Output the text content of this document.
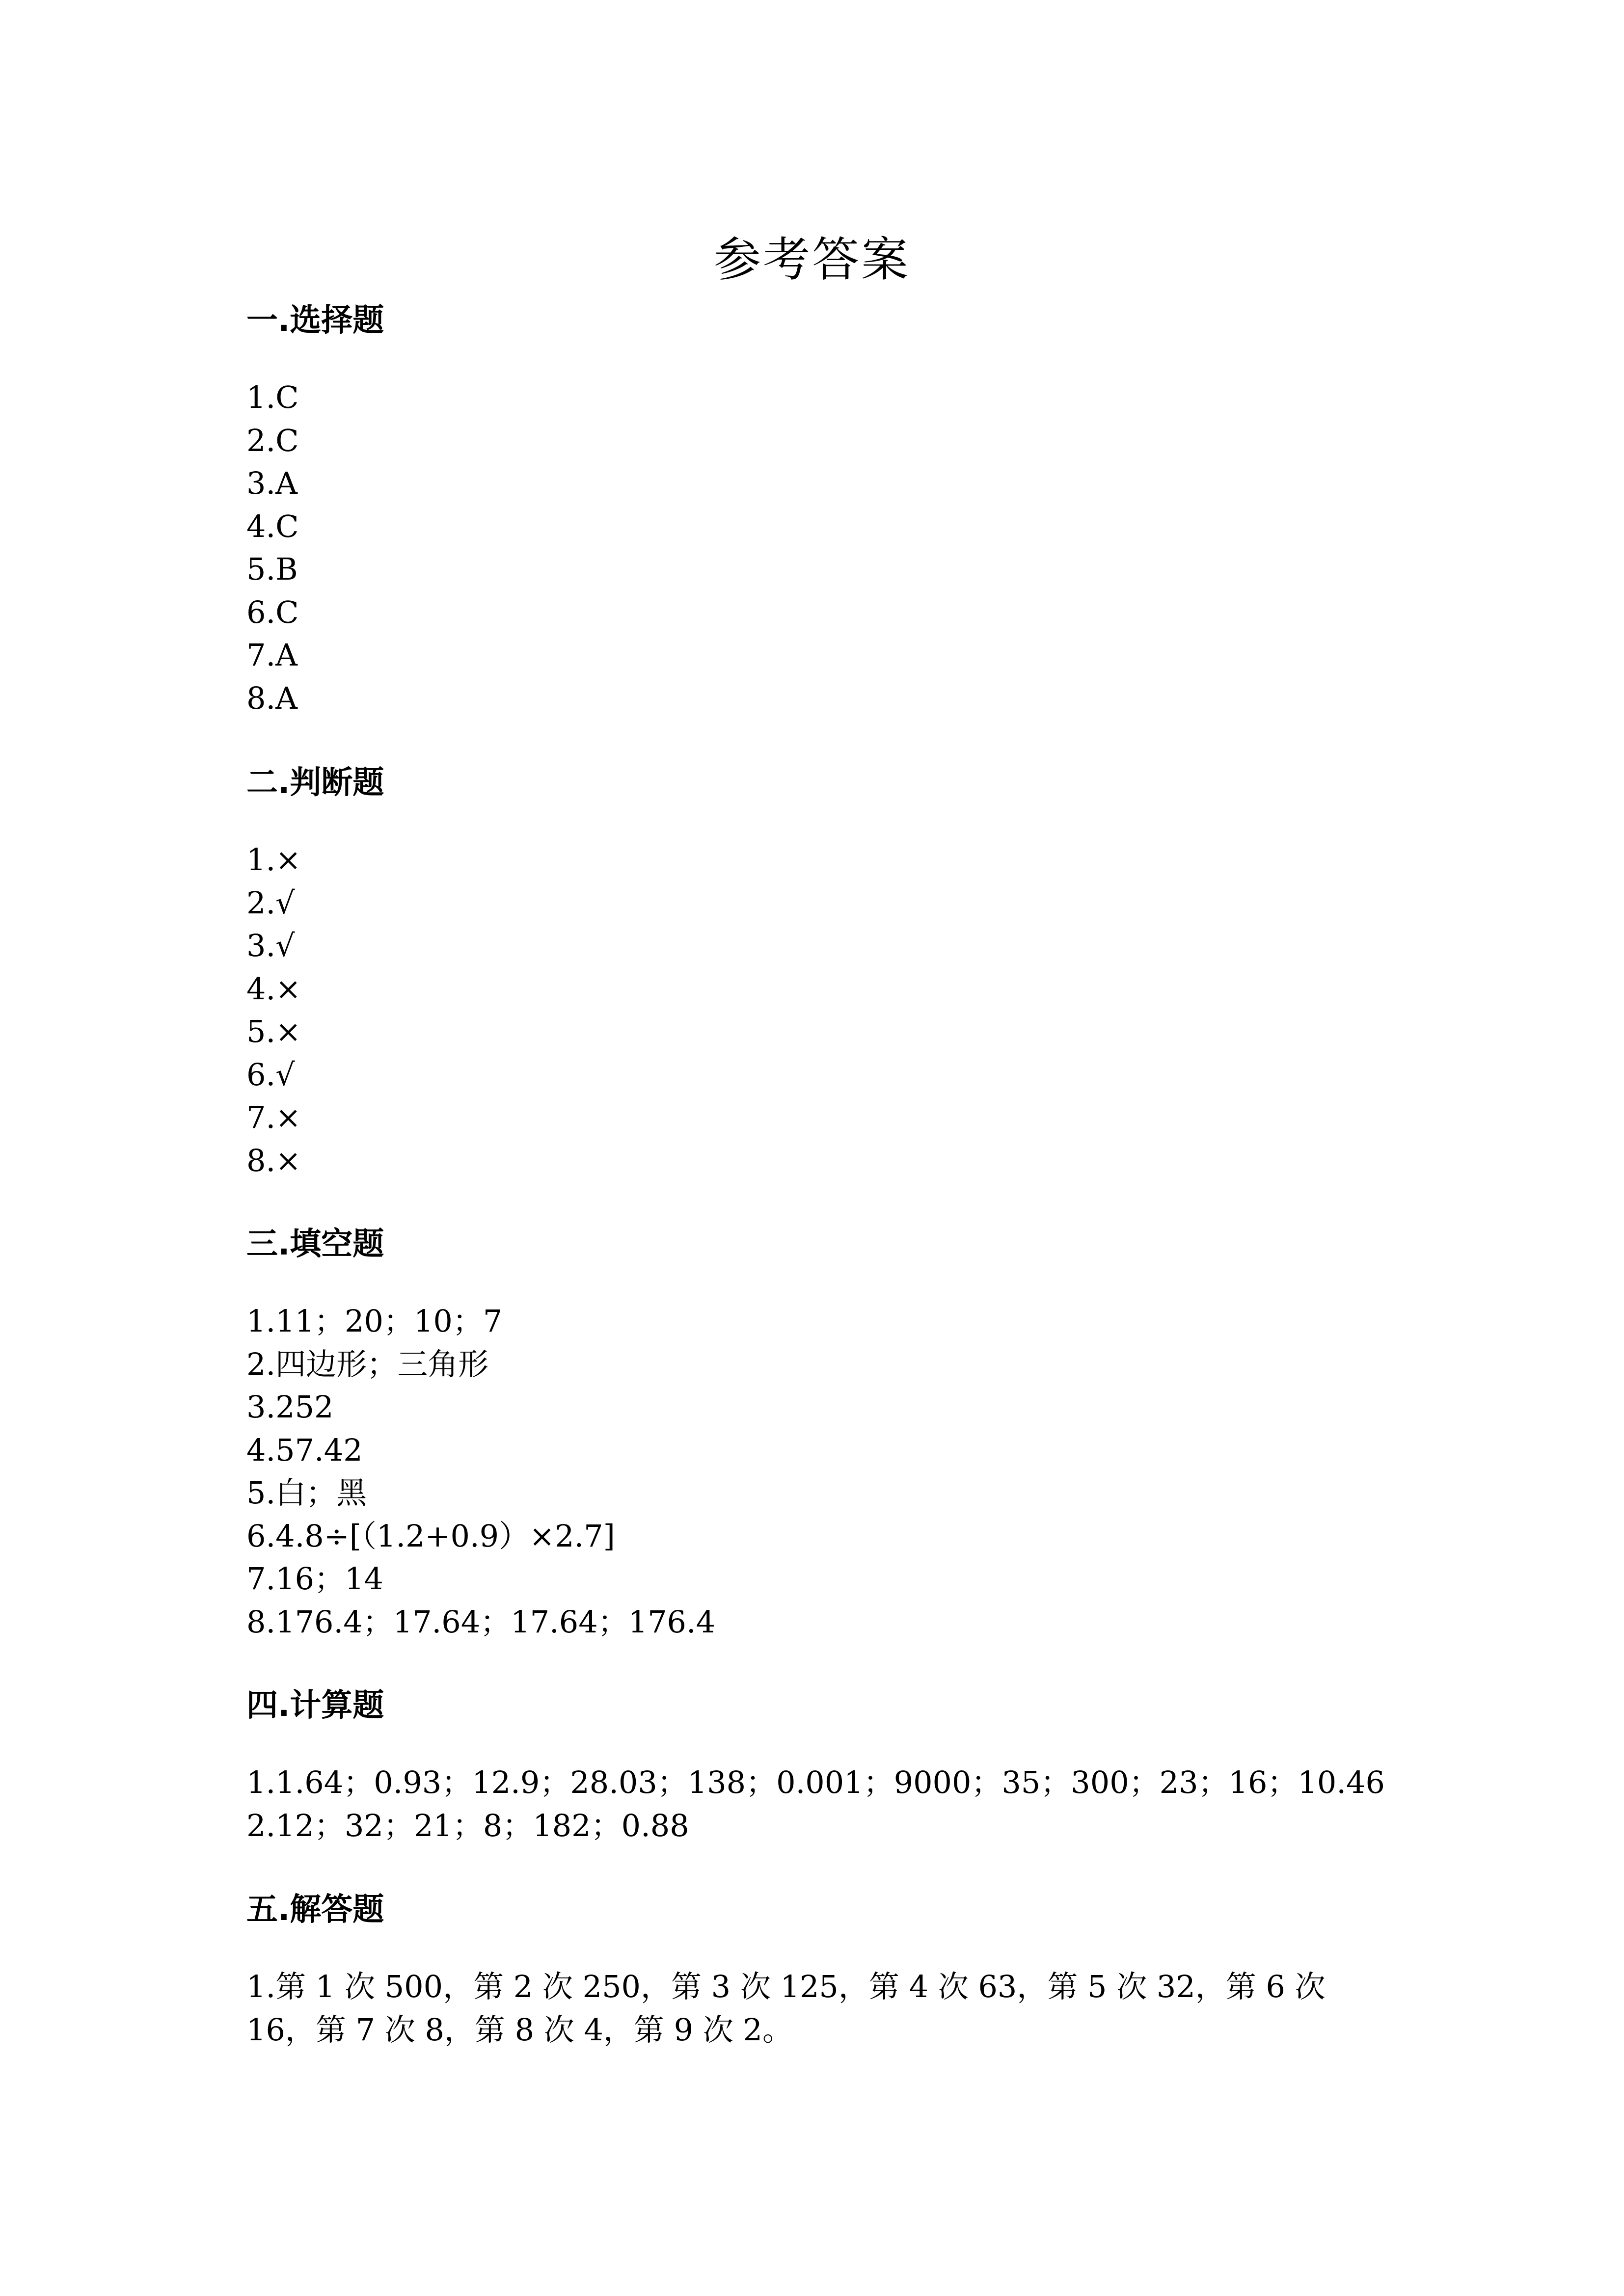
参考答案
一.选择题
1.C
2.C
3.A
4.C
5.B
6.C
7.A
8.A
二.判断题
1.×
2.√
3.√
4.×
5.×
6.√
7.×
8.×
三.填空题
1.11；20；10；7
2.四边形；三角形
3.252
4.57.42
5.白；黑
6.4.8÷[（1.2+0.9）×2.7]
7.16；14
8.176.4；17.64；17.64；176.4
四.计算题
1.1.64；0.93；12.9；28.03；138；0.001；9000；35；300；23；16；10.46
2.12；32；21；8；182；0.88
五.解答题
1.第 1 次 500，第 2 次 250，第 3 次 125，第 4 次 63，第 5 次 32，第 6 次 16，第 7 次 8，第 8 次 4，第 9 次 2。
